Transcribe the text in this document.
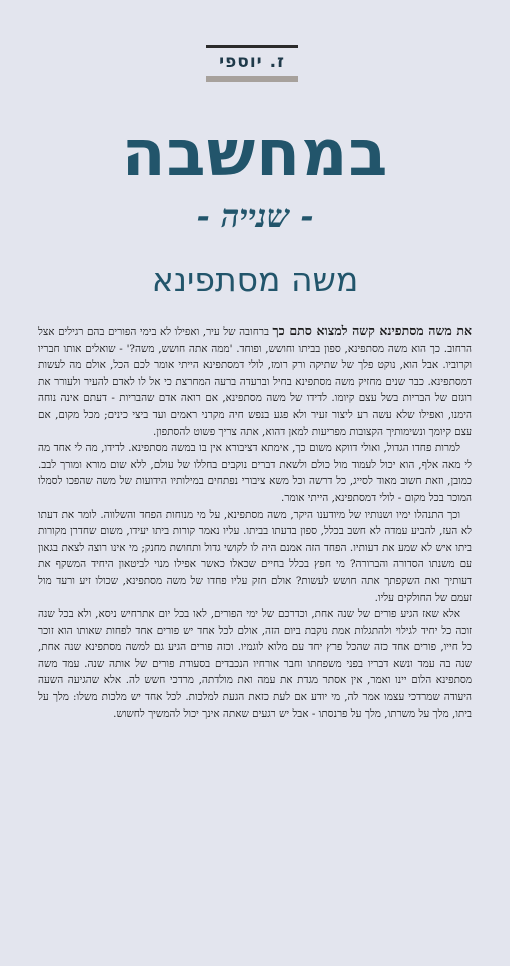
ז. יוספי
במחשבה
- שנייה -
משה מסתפינא

את משה מסתפינא קשה למצוא סתם כך ברחובה של עיר, ואפילו לא בימי הפורים בהם רגילים אצל הרחוב. כך הוא משה מסתפינא, ספון בביתו וחושש, ופוחד. 'ממה אתה חושש, משה?' - שואלים אותו חבריו וקרוביו. אבל הוא, נוקט פלך של שתיקה ורק רומז, לולי דמסתפינא הייתי אומר לכם הכל, אולם מה לעשות דמסתפינא. כבר שנים מחזיק משה מסתפינא בחיל וברעדה ברעה המחרצת כי אל לו לאדם להעיר ולעורר את רוגזם של הבריות בשל עצם קיומו. לדידו של משה מסתפינא, אם רואה אדם שהבריות - דעתם אינה נוחה הימנו, ואפילו שלא עשה רע ליצור זעיר ולא פגע בנפש חיה מקרני ראמים ועד ביצי כינים; מכל מקום, אם עצם קיומך ונשימותיך הקצובות מפריעות למאן דהוא, אתה צריך פשוט להסתפון.

למרות פחדו הגדול, ואולי דווקא משום כך, אימתא דציבורא אין בו במשה מסתפינא. לדידו, מה לי אחד מה לי מאה אלף, הוא יכול לעמוד מול כולם ולשאת דברים נוקבים בחללו של עולם, ללא שום מורא ומורך לבב. כמובן, וזאת חשוב מאוד לסייג, כל דרשה וכל משא ציבורי נפתחים במילותיו הידועות של משה שהפכו לסמלו המוכר בכל מקום - לולי דמסתפינא, הייתי אומר.

וכך התנהלו ימיו ושנותיו של מיודענו היקר, משה מסתפינא, על מי מנוחות הפחד והשלווה. לומר את דעתו לא העז, להביע עמדה לא חשב בכלל, ספון בדעתו בביתו. עליו נאמר קורות ביתו יעידו, משום שחדרן מקורות ביתו איש לא שמע את דעותיו. הפחד הזה אמנם היה לו לקושי גדול ותחושת מחנק; מי אינו רוצה לצאת בגאון עם משנתו הסדורה והברורה? מי חפץ בכלל בחיים שכאלו כאשר אפילו מנוי לביטאון היחיד המשקף את דעותיך ואת השקפתך אתה חושש לעשות? אולם חזק עליו פחדו של משה מסתפינא, שכולו זיע ורעד מול זעמם של החולקים עליו.

אלא שאז הגיע פורים של שנה אחת, וכדרכם של ימי הפורים, לאו בכל יום אתרחיש ניסא, ולא בכל שנה זוכה כל יחיד לגילוי ולהתגלות אמת נוקבת ביום הזה, אולם לכל אחד יש פורים אחד לפחות שאותו הוא זוכר כל חייו, פורים אחד כזה שהכל פרץ יחד עם מלוא לוגמיו. וכזה פורים הגיע גם למשה מסתפינא שנה אחת, שנה בה עמד ונשא דבריו בפני משפחתו וחבר אורחיו הנכבדים בסעודת פורים של אותה שנה. עמד משה מסתפינא הלום יינו ואמר, אין אסתר מגדת את עמה ואת מולדתה, מרדכי חשש לה. אלא שהגיעה השעה היעודה שמרדכי עצמו אמר לה, מי יודע אם לעת כזאת הגעת למלכות. לכל אחד יש מלכות משלו: מלך על ביתו, מלך על משרתו, מלך על פרנסתו - אבל יש רגעים שאתה אינך יכול להמשיך לחשוש.
